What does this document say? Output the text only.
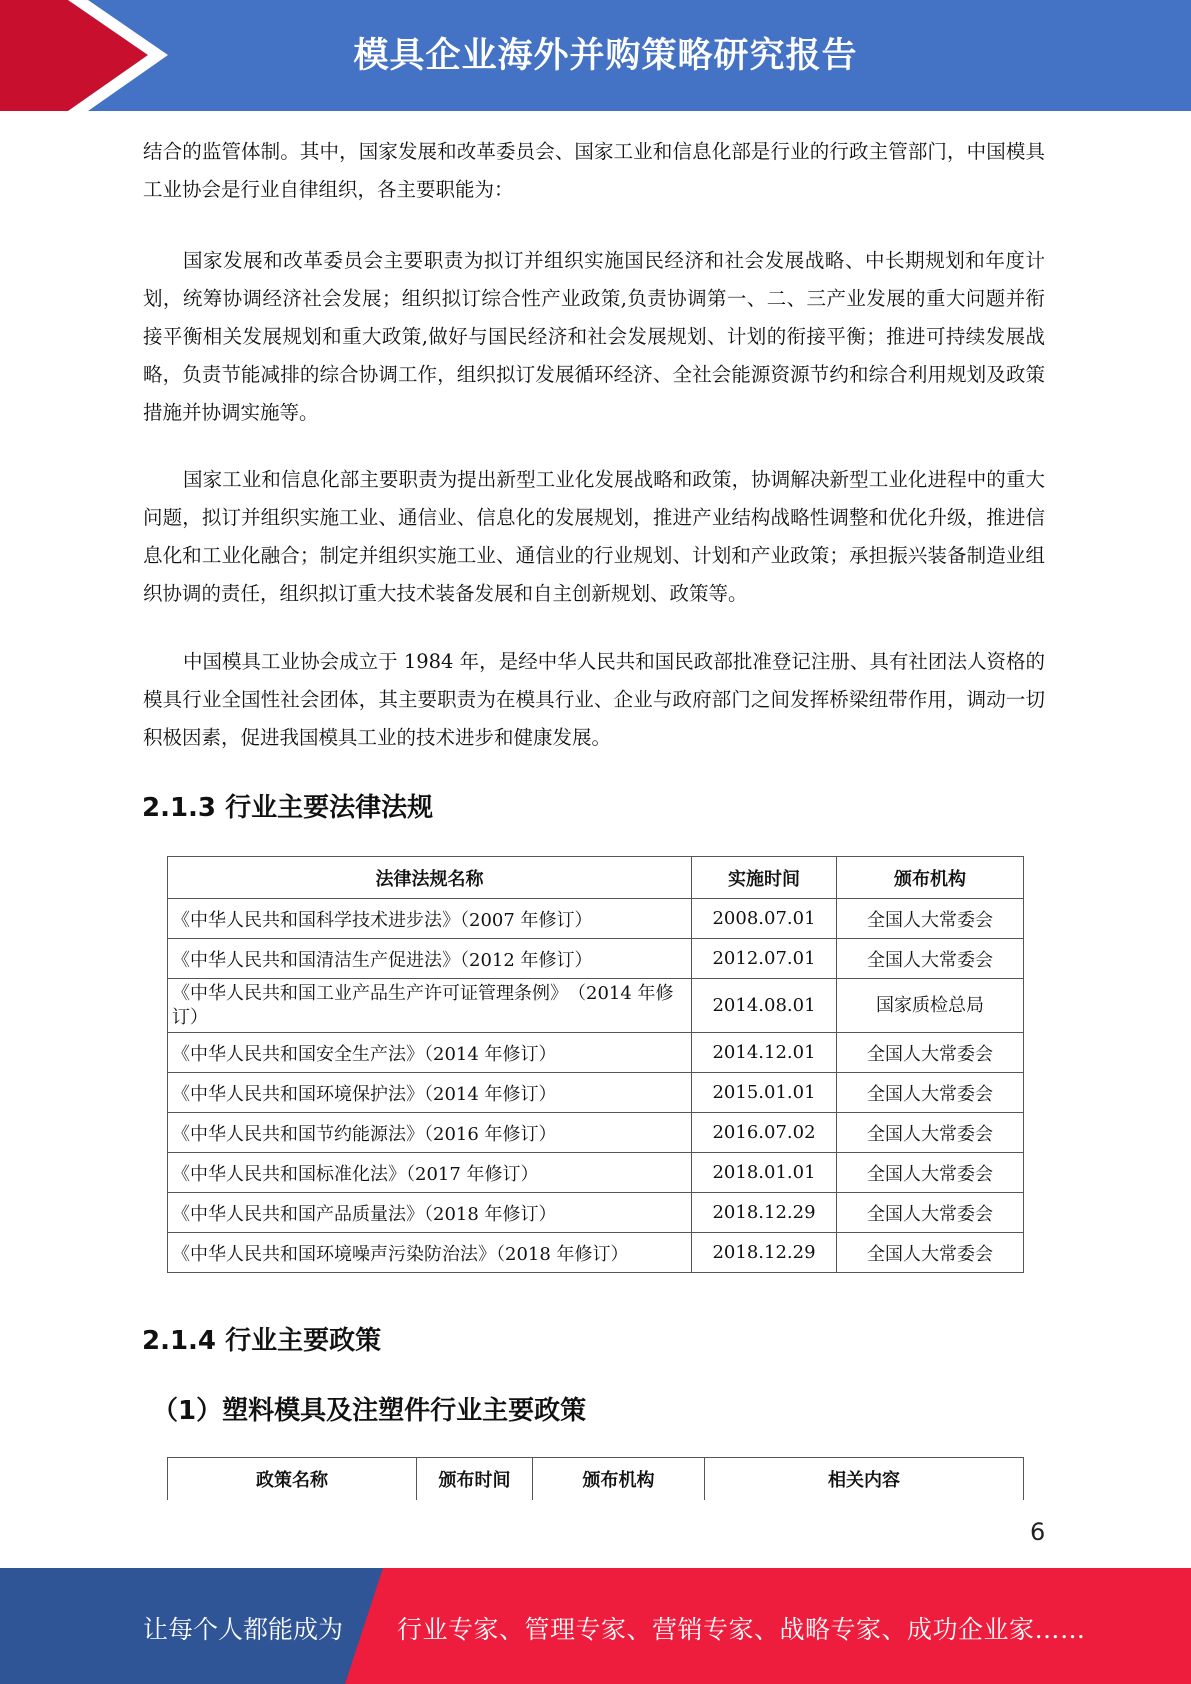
模具企业海外并购策略研究报告

结合的监管体制。其中，国家发展和改革委员会、国家工业和信息化部是行业的行政主管部门，中国模具工业协会是行业自律组织，各主要职能为：

国家发展和改革委员会主要职责为拟订并组织实施国民经济和社会发展战略、中长期规划和年度计划，统筹协调经济社会发展；组织拟订综合性产业政策,负责协调第一、二、三产业发展的重大问题并衔接平衡相关发展规划和重大政策,做好与国民经济和社会发展规划、计划的衔接平衡；推进可持续发展战略，负责节能减排的综合协调工作，组织拟订发展循环经济、全社会能源资源节约和综合利用规划及政策措施并协调实施等。

国家工业和信息化部主要职责为提出新型工业化发展战略和政策，协调解决新型工业化进程中的重大问题，拟订并组织实施工业、通信业、信息化的发展规划，推进产业结构战略性调整和优化升级，推进信息化和工业化融合；制定并组织实施工业、通信业的行业规划、计划和产业政策；承担振兴装备制造业组织协调的责任，组织拟订重大技术装备发展和自主创新规划、政策等。

中国模具工业协会成立于 1984 年，是经中华人民共和国民政部批准登记注册、具有社团法人资格的模具行业全国性社会团体，其主要职责为在模具行业、企业与政府部门之间发挥桥梁纽带作用，调动一切积极因素，促进我国模具工业的技术进步和健康发展。

2.1.3 行业主要法律法规
法律法规名称	实施时间	颁布机构
《中华人民共和国科学技术进步法》（2007 年修订）	2008.07.01	全国人大常委会
《中华人民共和国清洁生产促进法》（2012 年修订）	2012.07.01	全国人大常委会
《中华人民共和国工业产品生产许可证管理条例》　（2014 年修订）	2014.08.01	国家质检总局
《中华人民共和国安全生产法》（2014 年修订）	2014.12.01	全国人大常委会
《中华人民共和国环境保护法》（2014 年修订）	2015.01.01	全国人大常委会
《中华人民共和国节约能源法》（2016 年修订）	2016.07.02	全国人大常委会
《中华人民共和国标准化法》（2017 年修订）	2018.01.01	全国人大常委会
《中华人民共和国产品质量法》（2018 年修订）	2018.12.29	全国人大常委会
《中华人民共和国环境噪声污染防治法》（2018 年修订）	2018.12.29	全国人大常委会
2.1.4 行业主要政策
（1）塑料模具及注塑件行业主要政策
政策名称	颁布时间	颁布机构	相关内容
6
让每个人都能成为 行业专家、管理专家、营销专家、战略专家、成功企业家……
